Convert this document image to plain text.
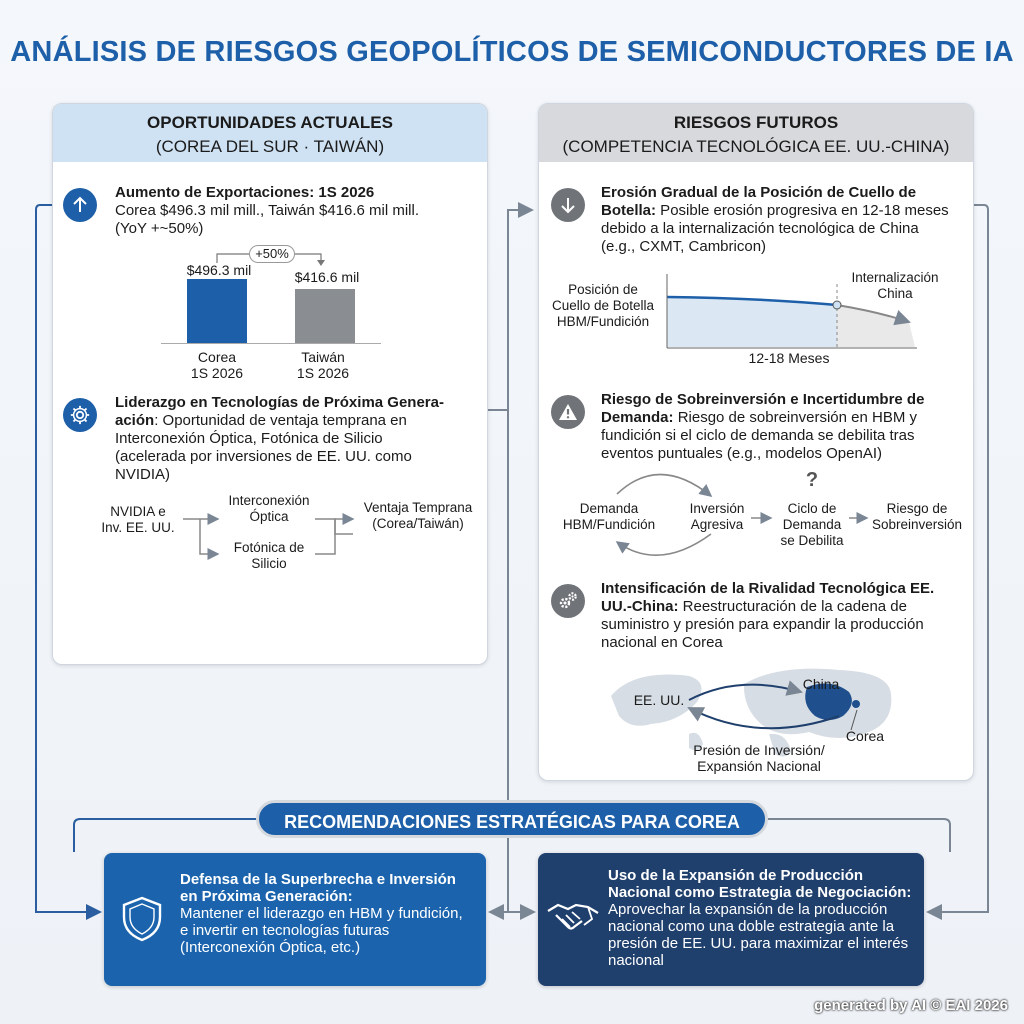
ANÁLISIS DE RIESGOS GEOPOLÍTICOS DE SEMICONDUCTORES DE IA
OPORTUNIDADES ACTUALES
(COREA DEL SUR · TAIWÁN)
Aumento de Exportaciones: 1S 2026
Corea $496.3 mil mill., Taiwán $416.6 mil mill.
(YoY +~50%)
+50%
$496.3 mil	$416.6 mil
Corea
1S 2026
Taiwán
1S 2026
Liderazgo en Tecnologías de Próxima Genera-
ación: Oportunidad de ventaja temprana en
Interconexión Óptica, Fotónica de Silicio
(acelerada por inversiones de EE. UU. como
NVIDIA)
NVIDIA e
Inv. EE. UU.
Interconexión
Óptica
Fotónica de
Silicio
Ventaja Temprana
(Corea/Taiwán)
RIESGOS FUTUROS
(COMPETENCIA TECNOLÓGICA EE. UU.-CHINA)
Erosión Gradual de la Posición de Cuello de
Botella: Posible erosión progresiva en 12-18 meses
debido a la internalización tecnológica de China
(e.g., CXMT, Cambricon)
Posición de
Cuello de Botella
HBM/Fundición
Internalización
China
12-18 Meses
Riesgo de Sobreinversión e Incertidumbre de
Demanda: Riesgo de sobreinversión en HBM y
fundición si el ciclo de demanda se debilita tras
eventos puntuales (e.g., modelos OpenAI)
Demanda
HBM/Fundición
Inversión
Agresiva
?
Ciclo de
Demanda
se Debilita
Riesgo de
Sobreinversión
Intensificación de la Rivalidad Tecnológica EE.
UU.-China: Reestructuración de la cadena de
suministro y presión para expandir la producción
nacional en Corea
EE. UU.
China
Corea
Presión de Inversión/
Expansión Nacional
RECOMENDACIONES ESTRATÉGICAS PARA COREA
Defensa de la Superbrecha e Inversión
en Próxima Generación:
Mantener el liderazgo en HBM y fundición,
e invertir en tecnologías futuras
(Interconexión Óptica, etc.)
Uso de la Expansión de Producción
Nacional como Estrategia de Negociación:
Aprovechar la expansión de la producción
nacional como una doble estrategia ante la
presión de EE. UU. para maximizar el interés
nacional
generated by AI © EAI 2026
